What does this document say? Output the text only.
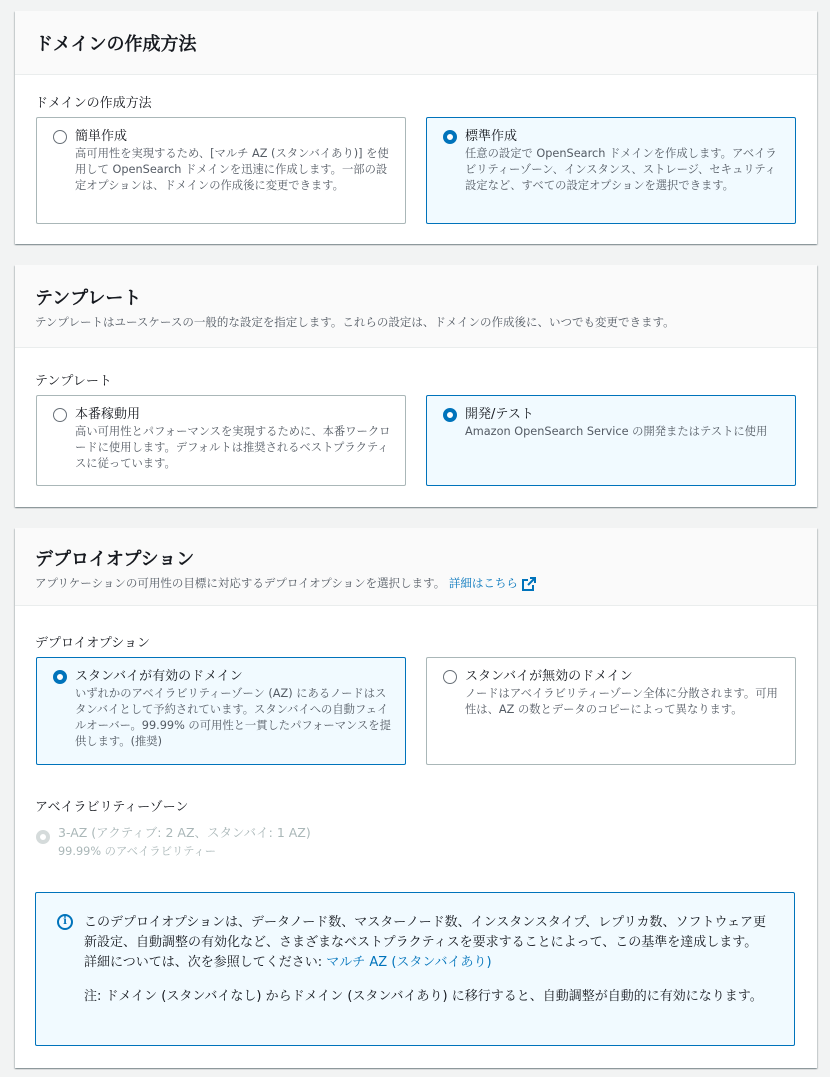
ドメインの作成方法
ドメインの作成方法
簡単作成
高可用性を実現するため、[マルチ AZ (スタンバイあり)] を使用して OpenSearch ドメインを迅速に作成します。一部の設定オプションは、ドメインの作成後に変更できます。
標準作成
任意の設定で OpenSearch ドメインを作成します。アベイラビリティーゾーン、インスタンス、ストレージ、セキュリティ設定など、すべての設定オプションを選択できます。
テンプレート
テンプレートはユースケースの一般的な設定を指定します。これらの設定は、ドメインの作成後に、いつでも変更できます。
テンプレート
本番稼動用
高い可用性とパフォーマンスを実現するために、本番ワークロードに使用します。デフォルトは推奨されるベストプラクティスに従っています。
開発/テスト
Amazon OpenSearch Service の開発またはテストに使用
デプロイオプション
アプリケーションの可用性の目標に対応するデプロイオプションを選択します。 詳細はこちら
デプロイオプション
スタンバイが有効のドメイン
いずれかのアベイラビリティーゾーン (AZ) にあるノードはスタンバイとして予約されています。スタンバイへの自動フェイルオーバー。99.99% の可用性と一貫したパフォーマンスを提供します。(推奨)
スタンバイが無効のドメイン
ノードはアベイラビリティーゾーン全体に分散されます。可用性は、AZ の数とデータのコピーによって異なります。
アベイラビリティーゾーン
3-AZ (アクティブ: 2 AZ、スタンバイ: 1 AZ)
99.99% のアベイラビリティー
i	このデプロイオプションは、データノード数、マスターノード数、インスタンスタイプ、レプリカ数、ソフトウェア更新設定、自動調整の有効化など、さまざまなベストプラクティスを要求することによって、この基準を達成します。詳細については、次を参照してください: マルチ AZ (スタンバイあり)
注: ドメイン (スタンバイなし) からドメイン (スタンバイあり) に移行すると、自動調整が自動的に有効になります。
